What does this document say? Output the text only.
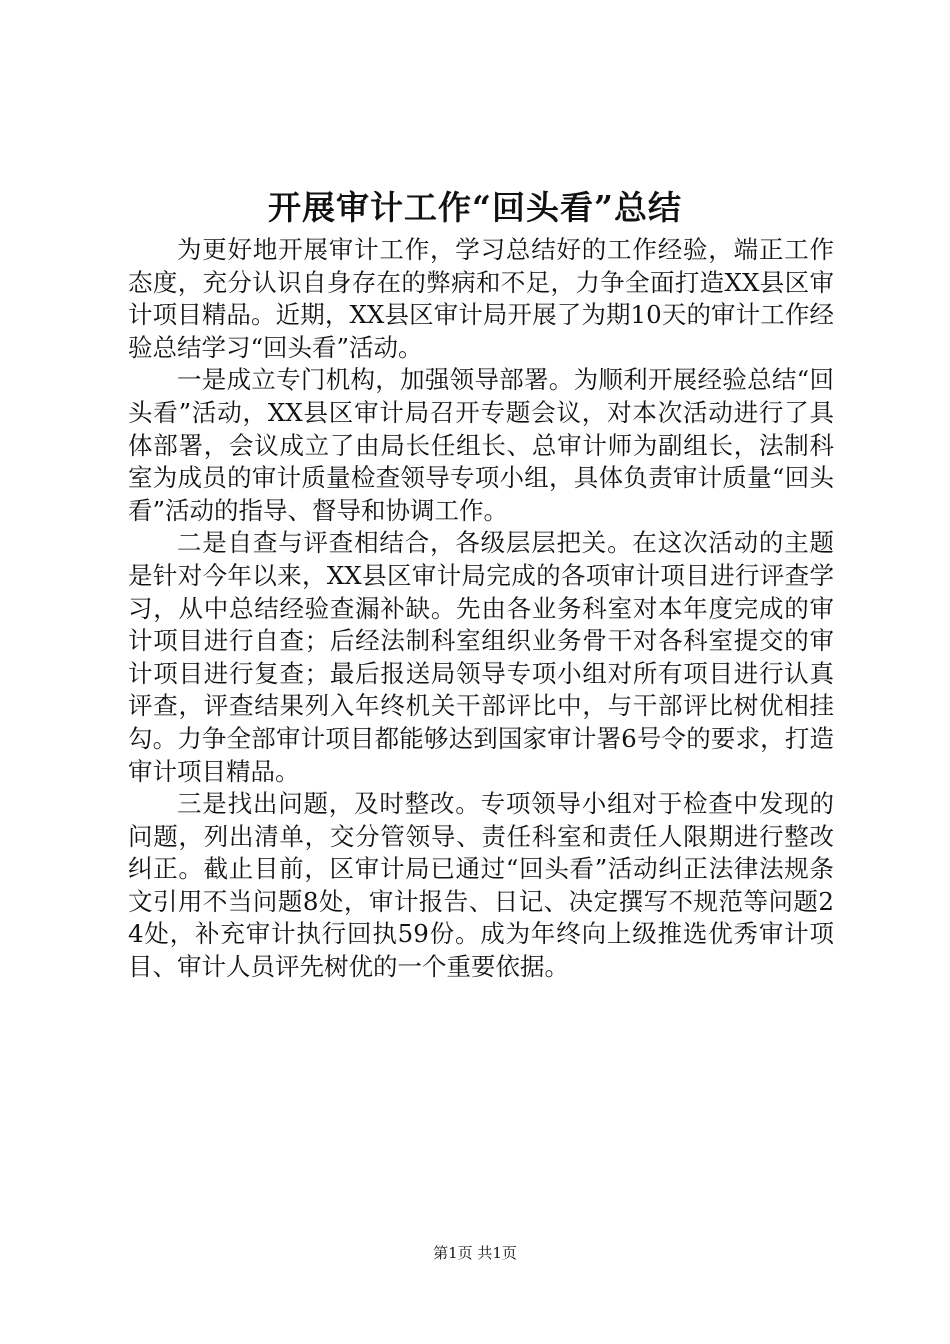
开展审计工作“回头看”总结

为更好地开展审计工作，学习总结好的工作经验，端正工作态度，充分认识自身存在的弊病和不足，力争全面打造XX县区审计项目精品。近期，XX县区审计局开展了为期10天的审计工作经验总结学习“回头看”活动。

一是成立专门机构，加强领导部署。为顺利开展经验总结“回头看”活动，XX县区审计局召开专题会议，对本次活动进行了具体部署，会议成立了由局长任组长、总审计师为副组长，法制科室为成员的审计质量检查领导专项小组，具体负责审计质量“回头看”活动的指导、督导和协调工作。

二是自查与评查相结合，各级层层把关。在这次活动的主题是针对今年以来，XX县区审计局完成的各项审计项目进行评查学习，从中总结经验查漏补缺。先由各业务科室对本年度完成的审计项目进行自查；后经法制科室组织业务骨干对各科室提交的审计项目进行复查；最后报送局领导专项小组对所有项目进行认真评查，评查结果列入年终机关干部评比中，与干部评比树优相挂勾。力争全部审计项目都能够达到国家审计署6号令的要求，打造审计项目精品。

三是找出问题，及时整改。专项领导小组对于检查中发现的问题，列出清单，交分管领导、责任科室和责任人限期进行整改纠正。截止目前，区审计局已通过“回头看”活动纠正法律法规条文引用不当问题8处，审计报告、日记、决定撰写不规范等问题24处，补充审计执行回执59份。成为年终向上级推选优秀审计项目、审计人员评先树优的一个重要依据。

第1页 共1页
